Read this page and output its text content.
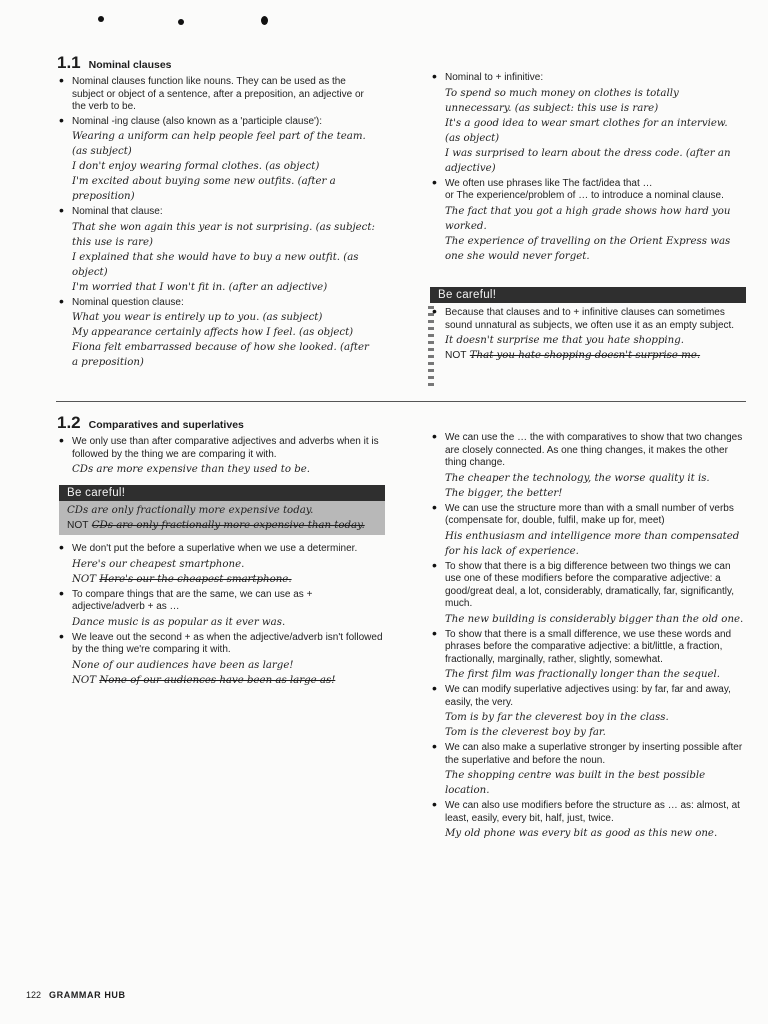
1.1 Nominal clauses
• Nominal clauses function like nouns. They can be used as the subject or object of a sentence, after a preposition, an adjective or the verb to be.
• Nominal -ing clause (also known as a 'participle clause'):
Wearing a uniform can help people feel part of the team. (as subject)
I don't enjoy wearing formal clothes. (as object)
I'm excited about buying some new outfits. (after a preposition)
• Nominal that clause:
That she won again this year is not surprising. (as subject: this use is rare)
I explained that she would have to buy a new outfit. (as object)
I'm worried that I won't fit in. (after an adjective)
• Nominal question clause:
What you wear is entirely up to you. (as subject)
My appearance certainly affects how I feel. (as object)
Fiona felt embarrassed because of how she looked. (after a preposition)
• Nominal to + infinitive:
To spend so much money on clothes is totally unnecessary. (as subject: this use is rare)
It's a good idea to wear smart clothes for an interview. (as object)
I was surprised to learn about the dress code. (after an adjective)
• We often use phrases like The fact/idea that …
or The experience/problem of … to introduce a nominal clause.
The fact that you got a high grade shows how hard you worked.
The experience of travelling on the Orient Express was one she would never forget.
Be careful!
• Because that clauses and to + infinitive clauses can sometimes sound unnatural as subjects, we often use it as an empty subject.
It doesn't surprise me that you hate shopping.
NOT That you hate shopping doesn't surprise me.
1.2 Comparatives and superlatives
• We only use than after comparative adjectives and adverbs when it is followed by the thing we are comparing it with.
CDs are more expensive than they used to be.
Be careful!
CDs are only fractionally more expensive today.
NOT CDs are only fractionally more expensive than today.
• We don't put the before a superlative when we use a determiner.
Here's our cheapest smartphone.
NOT Here's our the cheapest smartphone.
• To compare things that are the same, we can use as + adjective/adverb + as …
Dance music is as popular as it ever was.
• We leave out the second + as when the adjective/adverb isn't followed by the thing we're comparing it with.
None of our audiences have been as large!
NOT None of our audiences have been as large as!
• We can use the … the with comparatives to show that two changes are closely connected. As one thing changes, it makes the other thing change.
The cheaper the technology, the worse quality it is.
The bigger, the better!
• We can use the structure more than with a small number of verbs (compensate for, double, fulfil, make up for, meet)
His enthusiasm and intelligence more than compensated for his lack of experience.
• To show that there is a big difference between two things we can use one of these modifiers before the comparative adjective: a good/great deal, a lot, considerably, dramatically, far, significantly, much.
The new building is considerably bigger than the old one.
• To show that there is a small difference, we use these words and phrases before the comparative adjective: a bit/little, a fraction, fractionally, marginally, rather, slightly, somewhat.
The first film was fractionally longer than the sequel.
• We can modify superlative adjectives using: by far, far and away, easily, the very.
Tom is by far the cleverest boy in the class.
Tom is the cleverest boy by far.
• We can also make a superlative stronger by inserting possible after the superlative and before the noun.
The shopping centre was built in the best possible location.
• We can also use modifiers before the structure as … as: almost, at least, easily, every bit, half, just, twice.
My old phone was every bit as good as this new one.
122 GRAMMAR HUB
